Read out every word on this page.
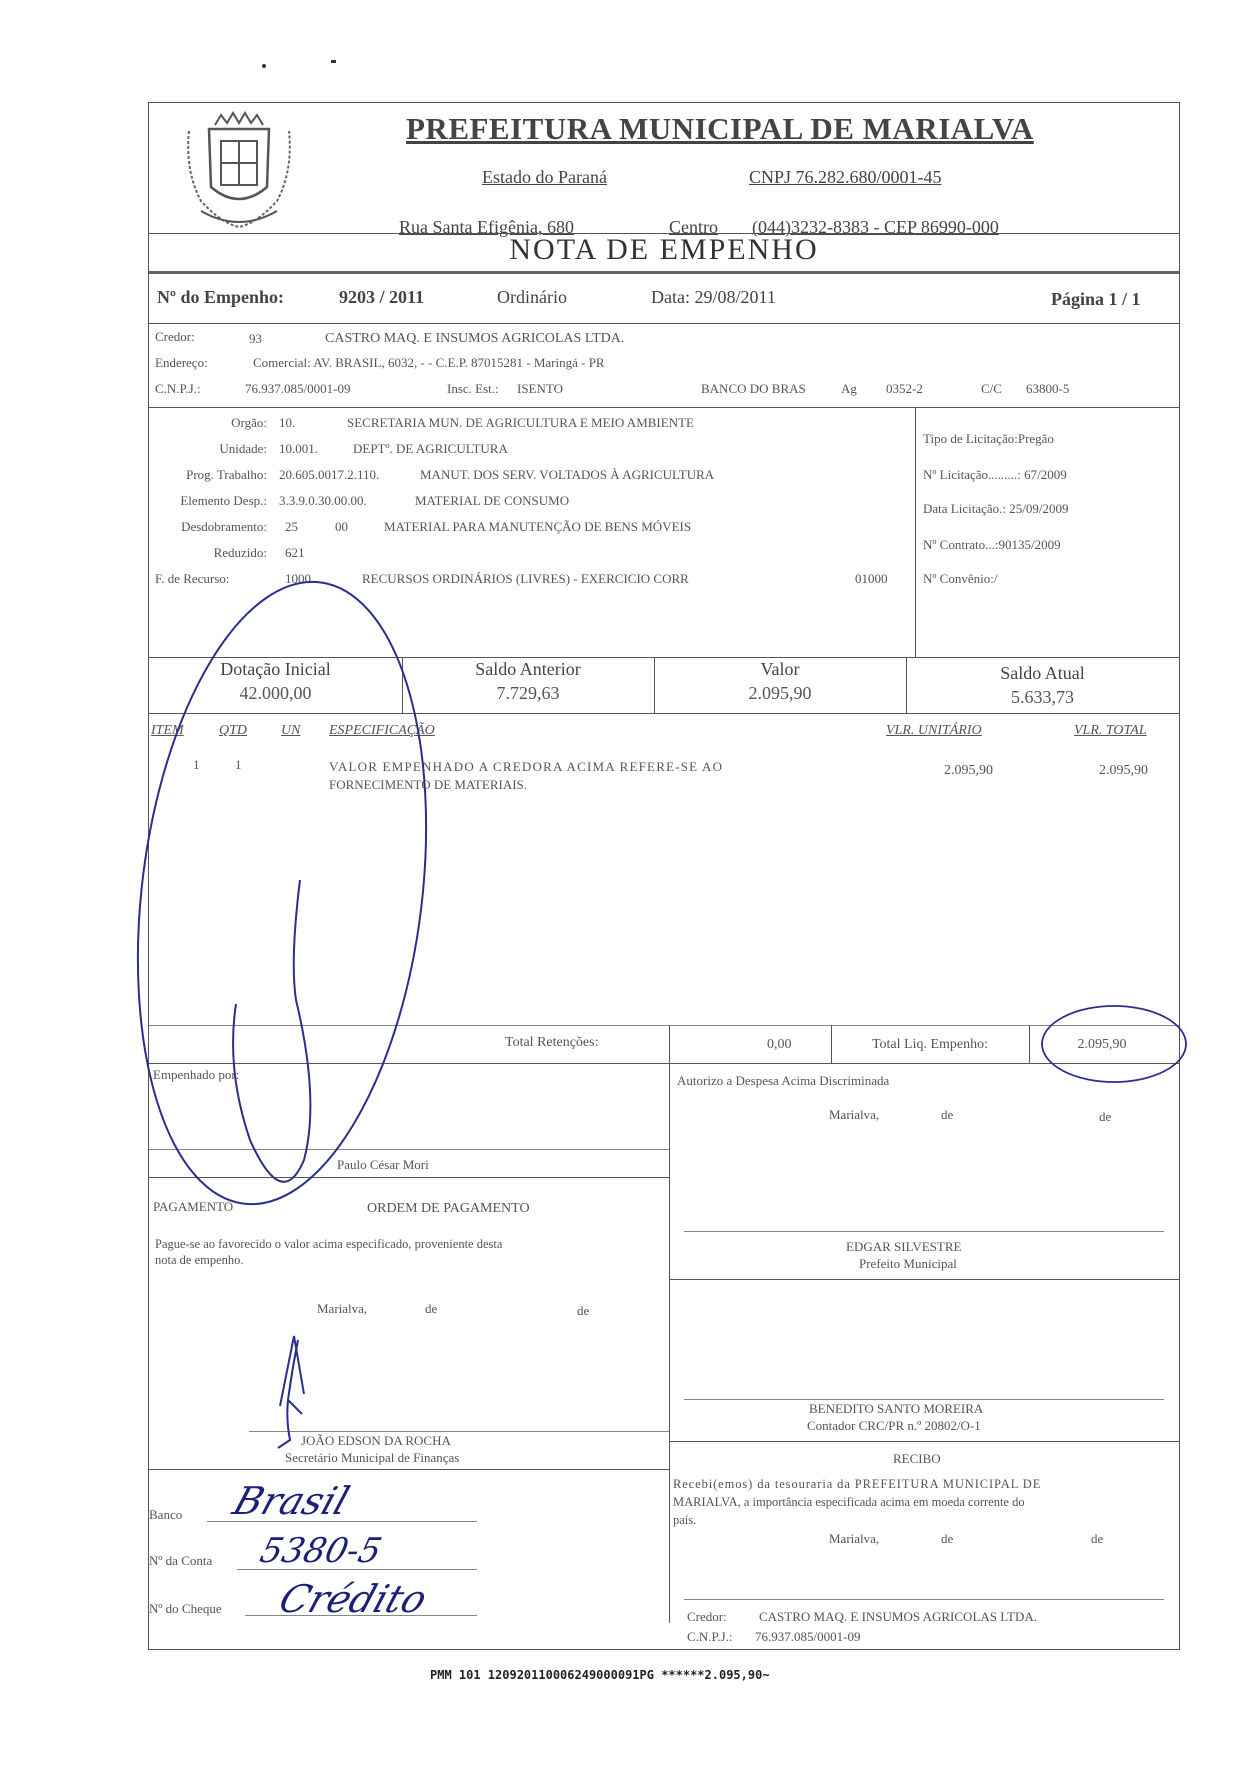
PREFEITURA MUNICIPAL DE MARIALVA
Estado do Paraná	CNPJ 76.282.680/0001-45
Rua Santa Efigênia, 680	Centro (044)3232-8383 - CEP 86990-000
NOTA DE EMPENHO
Nº do Empenho:	9203 / 2011	Ordinário	Data: 29/08/2011	Página 1 / 1
Credor:	93	CASTRO MAQ. E INSUMOS AGRICOLAS LTDA.
Endereço:	Comercial: AV. BRASIL, 6032, - - C.E.P. 87015281 - Maringá - PR
C.N.P.J.:	76.937.085/0001-09	Insc. Est.: ISENTO	BANCO DO BRAS	Ag 0352-2	C/C 63800-5
Orgão: 10.	SECRETARIA MUN. DE AGRICULTURA E MEIO AMBIENTE
Unidade: 10.001.	DEPTº. DE AGRICULTURA
Prog. Trabalho: 20.605.0017.2.110.	MANUT. DOS SERV. VOLTADOS À AGRICULTURA
Elemento Desp.: 3.3.9.0.30.00.00.	MATERIAL DE CONSUMO
Desdobramento: 25	00	MATERIAL PARA MANUTENÇÃO DE BENS MÓVEIS
Reduzido: 621
F. de Recurso:	1000	RECURSOS ORDINÁRIOS (LIVRES) - EXERCICIO CORR	01000
Tipo de Licitação:Pregão
Nº Licitação.........: 67/2009
Data Licitação.: 25/09/2009
Nº Contrato...:90135/2009
Nº Convênio:/
Dotação Inicial
42.000,00
Saldo Anterior
7.729,63
Valor
2.095,90
Saldo Atual
5.633,73
ITEM	QTD UN ESPECIFICAÇÃO	VLR. UNITÁRIO	VLR. TOTAL
1	1	VALOR EMPENHADO A CREDORA ACIMA REFERE-SE AO
FORNECIMENTO DE MATERIAIS.
2.095,90	2.095,90
Total Retenções:	0,00	Total Liq. Empenho:	2.095,90
Empenhado por:
Paulo César Mori
Autorizo a Despesa Acima Discriminada
Marialva,	de	de
PAGAMENTO	ORDEM DE PAGAMENTO
Pague-se ao favorecido o valor acima especificado, proveniente desta
nota de empenho.
Marialva,	de	de
JOÃO EDSON DA ROCHA
Secretário Municipal de Finanças
EDGAR SILVESTRE
Prefeito Municipal
BENEDITO SANTO MOREIRA
Contador CRC/PR n.º 20802/O-1
RECIBO
Recebi(emos) da tesouraria da PREFEITURA MUNICIPAL DE
MARIALVA, a importância especificada acima em moeda corrente do
país.
Marialva,	de	de
Credor: CASTRO MAQ. E INSUMOS AGRICOLAS LTDA.
C.N.P.J.: 76.937.085/0001-09
Banco
Nº da Conta
Nº do Cheque
Brasil
5380-5
Crédito
PMM 101 120920110006249000091PG ******2.095,90~
